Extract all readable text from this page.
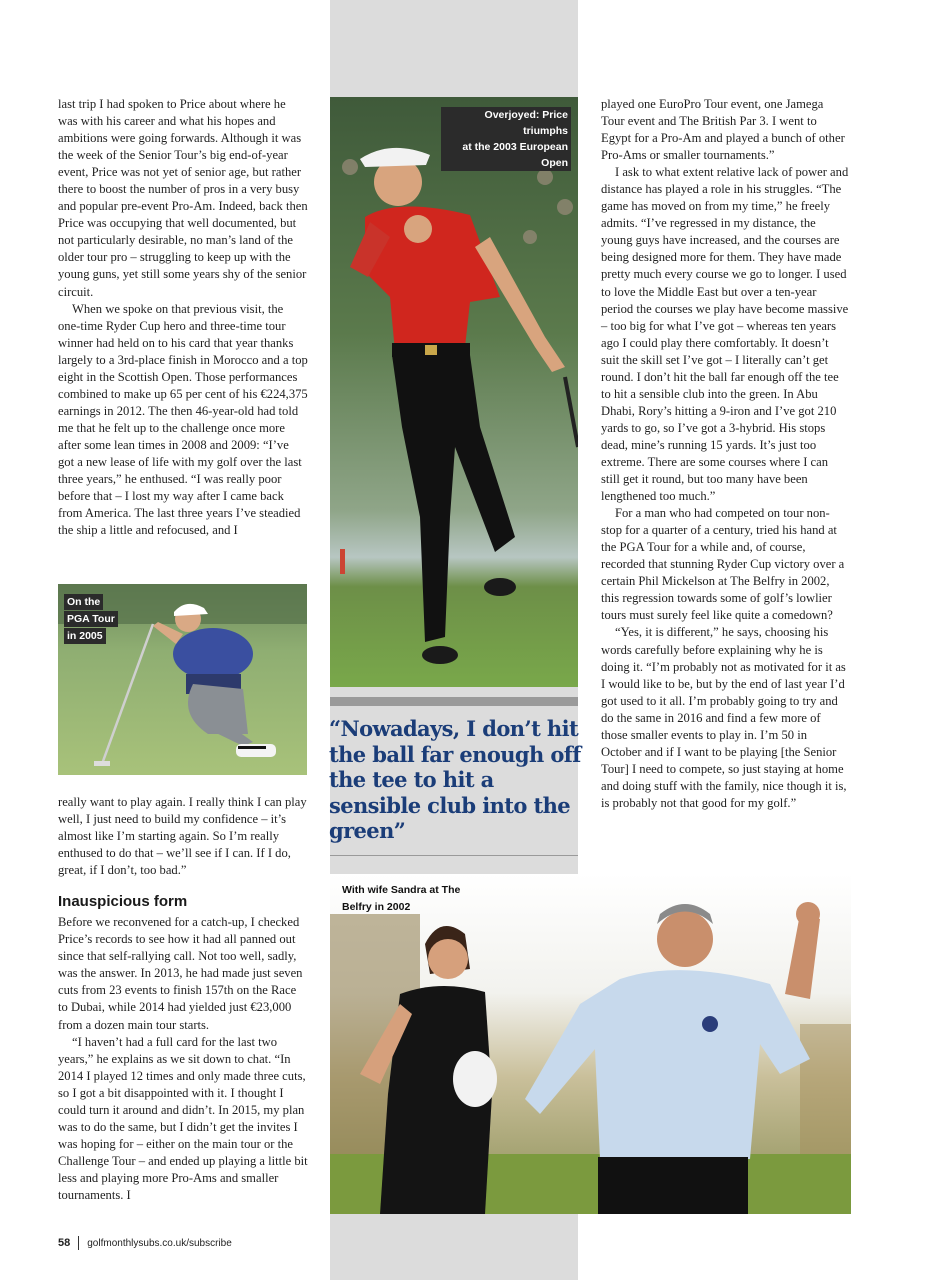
last trip I had spoken to Price about where he was with his career and what his hopes and ambitions were going forwards. Although it was the week of the Senior Tour’s big end-of-year event, Price was not yet of senior age, but rather there to boost the number of pros in a very busy and popular pre-event Pro-Am. Indeed, back then Price was occupying that well documented, but not particularly desirable, no man’s land of the older tour pro – struggling to keep up with the young guns, yet still some years shy of the senior circuit.

When we spoke on that previous visit, the one-time Ryder Cup hero and three-time tour winner had held on to his card that year thanks largely to a 3rd-place finish in Morocco and a top eight in the Scottish Open. Those performances combined to make up 65 per cent of his €224,375 earnings in 2012. The then 46-year-old had told me that he felt up to the challenge once more after some lean times in 2008 and 2009: “I’ve got a new lease of life with my golf over the last three years,” he enthused. “I was really poor before that – I lost my way after I came back from America. The last three years I’ve steadied the ship a little and refocused, and I

On the
PGA Tour
in 2005

really want to play again. I really think I can play well, I just need to build my confidence – it’s almost like I’m starting again. So I’m really enthused to do that – we’ll see if I can. If I do, great, if I don’t, too bad.”

Inauspicious form

Before we reconvened for a catch-up, I checked Price’s records to see how it had all panned out since that self-rallying call. Not too well, sadly, was the answer. In 2013, he had made just seven cuts from 23 events to finish 157th on the Race to Dubai, while 2014 had yielded just €23,000 from a dozen main tour starts.

“I haven’t had a full card for the last two years,” he explains as we sit down to chat. “In 2014 I played 12 times and only made three cuts, so I got a bit disappointed with it. I thought I could turn it around and didn’t. In 2015, my plan was to do the same, but I didn’t get the invites I was hoping for – either on the main tour or the Challenge Tour – and ended up playing a little bit less and playing more Pro-Ams and smaller tournaments. I

Overjoyed: Price triumphs
at the 2003 European Open
“Nowadays, I don’t hit the ball far enough off the tee to hit a sensible club into the green”

played one EuroPro Tour event, one Jamega Tour event and The British Par 3. I went to Egypt for a Pro-Am and played a bunch of other Pro-Ams or smaller tournaments.”

I ask to what extent relative lack of power and distance has played a role in his struggles. “The game has moved on from my time,” he freely admits. “I’ve regressed in my distance, the young guys have increased, and the courses are being designed more for them. They have made pretty much every course we go to longer. I used to love the Middle East but over a ten-year period the courses we play have become massive – too big for what I’ve got – whereas ten years ago I could play there comfortably. It doesn’t suit the skill set I’ve got – I literally can’t get round. I don’t hit the ball far enough off the tee to hit a sensible club into the green. In Abu Dhabi, Rory’s hitting a 9-iron and I’ve got 210 yards to go, so I’ve got a 3-hybrid. His stops dead, mine’s running 15 yards. It’s just too extreme. There are some courses where I can still get it round, but too many have been lengthened too much.”

For a man who had competed on tour non-stop for a quarter of a century, tried his hand at the PGA Tour for a while and, of course, recorded that stunning Ryder Cup victory over a certain Phil Mickelson at The Belfry in 2002, this regression towards some of golf’s lowlier tours must surely feel like quite a comedown?

“Yes, it is different,” he says, choosing his words carefully before explaining why he is doing it. “I’m probably not as motivated for it as I would like to be, but by the end of last year I’d got used to it all. I’m probably going to try and do the same in 2016 and find a few more of those smaller events to play in. I’m 50 in October and if I want to be playing [the Senior Tour] I need to compete, so just staying at home and doing stuff with the family, nice though it is, is probably not that good for my golf.”

With wife Sandra at The Belfry in 2002
58 golfmonthlysubs.co.uk/subscribe
